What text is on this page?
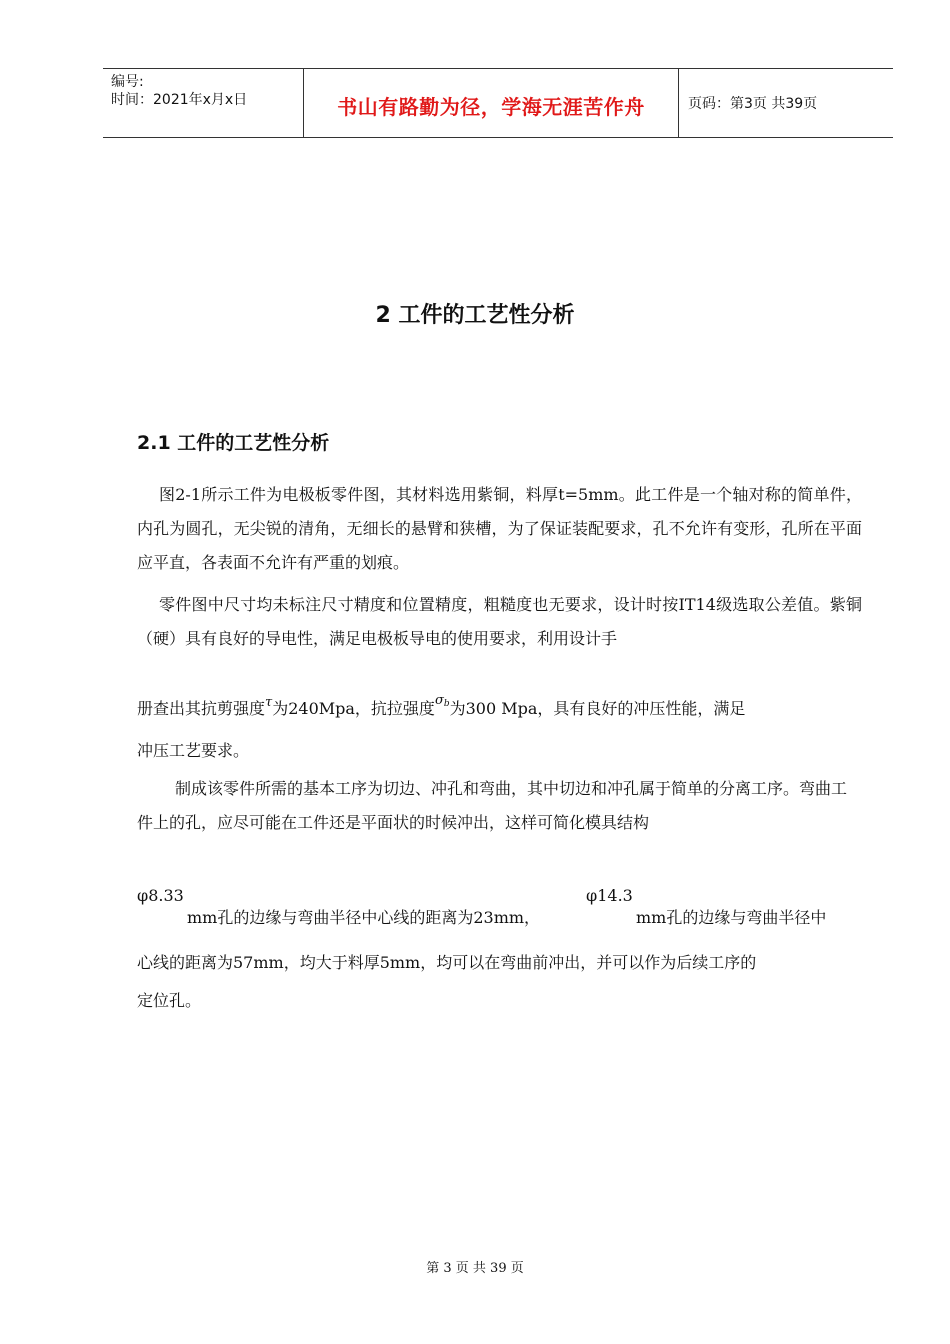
编号:
时间：2021年x月x日	书山有路勤为径，学海无涯苦作舟	页码：第3页 共39页
2 工件的工艺性分析
2.1 工件的工艺性分析
图2-1所示工件为电极板零件图，其材料选用紫铜，料厚t=5mm。此工件是一个轴对称的简单件，内孔为圆孔，无尖锐的清角，无细长的悬臂和狭槽，为了保证装配要求，孔不允许有变形，孔所在平面应平直，各表面不允许有严重的划痕。
零件图中尺寸均未标注尺寸精度和位置精度，粗糙度也无要求，设计时按IT14级选取公差值。紫铜（硬）具有良好的导电性，满足电极板导电的使用要求，利用设计手
册查出其抗剪强度$^\tau$为240Mpa，抗拉强度$^\sigma_b$为300 Mpa，具有良好的冲压性能，满足
冲压工艺要求。
制成该零件所需的基本工序为切边、冲孔和弯曲，其中切边和冲孔属于简单的分离工序。弯曲工件上的孔，应尽可能在工件还是平面状的时候冲出，这样可简化模具结构
φ8.33
mm孔的边缘与弯曲半径中心线的距离为23mm，
φ14.3
mm孔的边缘与弯曲半径中
心线的距离为57mm，均大于料厚5mm，均可以在弯曲前冲出，并可以作为后续工序的
定位孔。
第 3 页 共 39 页
